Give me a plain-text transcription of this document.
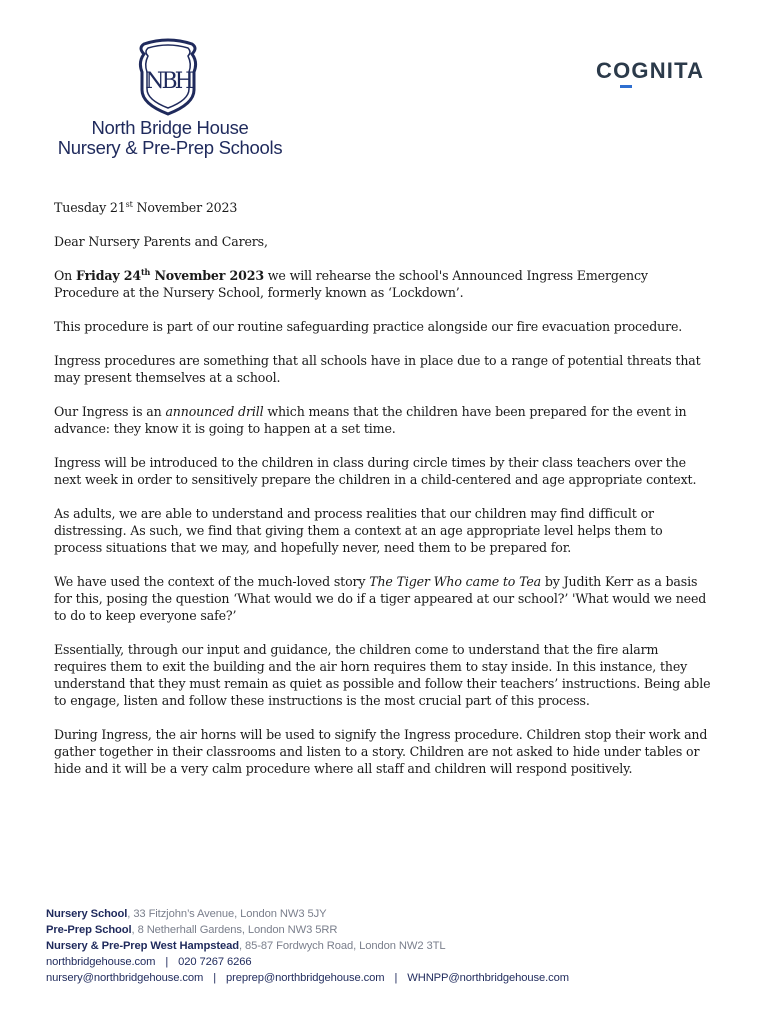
NBH
North Bridge House
Nursery & Pre-Prep Schools
COGNITA

Tuesday 21st November 2023

Dear Nursery Parents and Carers,

On Friday 24th November 2023 we will rehearse the school's Announced Ingress Emergency Procedure at the Nursery School, formerly known as ‘Lockdown’.

This procedure is part of our routine safeguarding practice alongside our fire evacuation procedure.

Ingress procedures are something that all schools have in place due to a range of potential threats that may present themselves at a school.

Our Ingress is an announced drill which means that the children have been prepared for the event in advance: they know it is going to happen at a set time.

Ingress will be introduced to the children in class during circle times by their class teachers over the next week in order to sensitively prepare the children in a child-centered and age appropriate context.

As adults, we are able to understand and process realities that our children may find difficult or distressing. As such, we find that giving them a context at an age appropriate level helps them to process situations that we may, and hopefully never, need them to be prepared for.

We have used the context of the much-loved story The Tiger Who came to Tea by Judith Kerr as a basis for this, posing the question ‘What would we do if a tiger appeared at our school?’ 'What would we need to do to keep everyone safe?’

Essentially, through our input and guidance, the children come to understand that the fire alarm requires them to exit the building and the air horn requires them to stay inside. In this instance, they understand that they must remain as quiet as possible and follow their teachers’ instructions. Being able to engage, listen and follow these instructions is the most crucial part of this process.

During Ingress, the air horns will be used to signify the Ingress procedure. Children stop their work and gather together in their classrooms and listen to a story. Children are not asked to hide under tables or hide and it will be a very calm procedure where all staff and children will respond positively.

Nursery School, 33 Fitzjohn’s Avenue, London NW3 5JY
Pre-Prep School, 8 Netherhall Gardens, London NW3 5RR
Nursery & Pre-Prep West Hampstead, 85-87 Fordwych Road, London NW2 3TL
northbridgehouse.com | 020 7267 6266
nursery@northbridgehouse.com | preprep@northbridgehouse.com | WHNPP@northbridgehouse.com
